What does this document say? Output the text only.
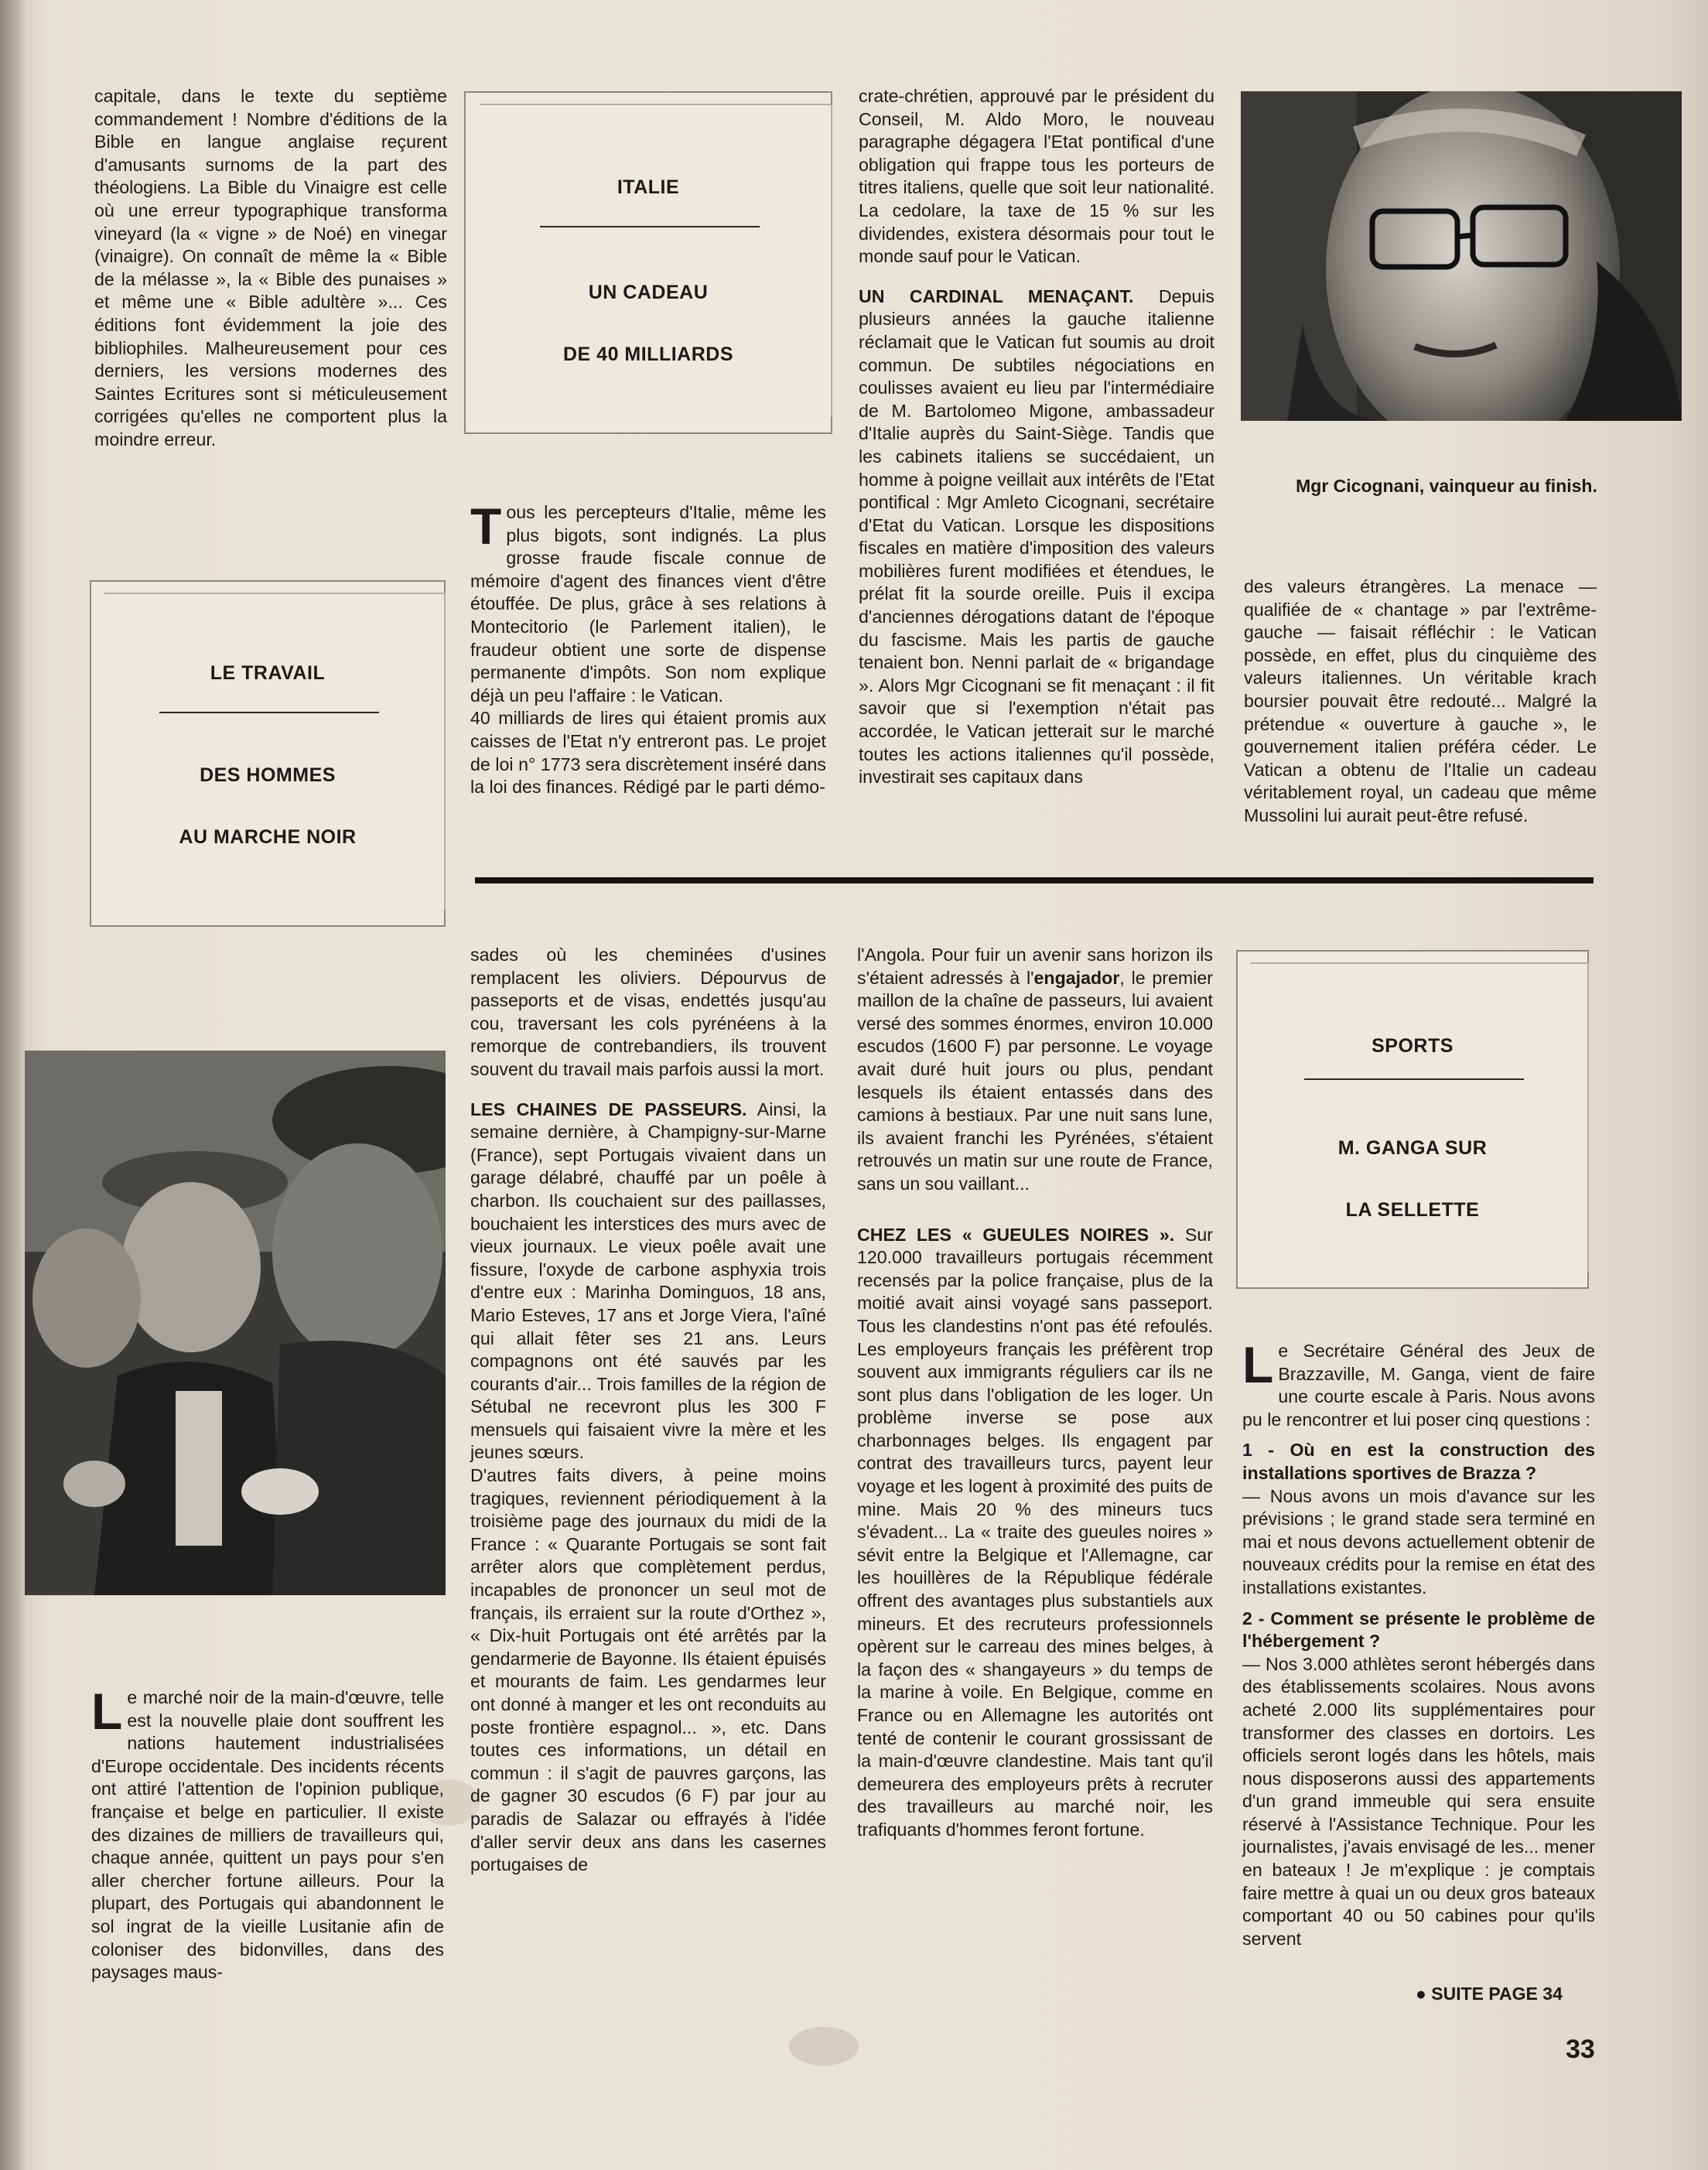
capitale, dans le texte du septième commandement ! Nombre d'éditions de la Bible en langue anglaise reçurent d'amusants surnoms de la part des théologiens. La Bible du Vinaigre est celle où une erreur typographique transforma vineyard (la « vigne » de Noé) en vinegar (vinaigre). On connaît de même la « Bible de la mélasse », la « Bible des punaises » et même une « Bible adultère »... Ces éditions font évidemment la joie des bibliophiles. Malheureusement pour ces derniers, les versions modernes des Saintes Ecritures sont si méticuleusement corrigées qu'elles ne comportent plus la moindre erreur.

ITALIE
UN CADEAU
DE 40 MILLIARDS
LE TRAVAIL
DES HOMMES
AU MARCHE NOIR
T ous les percepteurs d'Italie, même les plus bigots, sont indignés. La plus grosse fraude fiscale connue de mémoire d'agent des finances vient d'être étouffée. De plus, grâce à ses relations à Montecitorio (le Parlement italien), le fraudeur obtient une sorte de dispense permanente d'impôts. Son nom explique déjà un peu l'affaire : le Vatican.

40 milliards de lires qui étaient promis aux caisses de l'Etat n'y entreront pas. Le projet de loi n° 1773 sera discrètement inséré dans la loi des finances. Rédigé par le parti démo-

crate-chrétien, approuvé par le président du Conseil, M. Aldo Moro, le nouveau paragraphe dégagera l'Etat pontifical d'une obligation qui frappe tous les porteurs de titres italiens, quelle que soit leur nationalité. La cedolare, la taxe de 15 % sur les dividendes, existera désormais pour tout le monde sauf pour le Vatican.

UN CARDINAL MENAÇANT. Depuis plusieurs années la gauche italienne réclamait que le Vatican fut soumis au droit commun. De subtiles négociations en coulisses avaient eu lieu par l'intermédiaire de M. Bartolomeo Migone, ambassadeur d'Italie auprès du Saint-Siège. Tandis que les cabinets italiens se succédaient, un homme à poigne veillait aux intérêts de l'Etat pontifical : Mgr Amleto Cicognani, secrétaire d'Etat du Vatican. Lorsque les dispositions fiscales en matière d'imposition des valeurs mobilières furent modifiées et étendues, le prélat fit la sourde oreille. Puis il excipa d'anciennes dérogations datant de l'époque du fascisme. Mais les partis de gauche tenaient bon. Nenni parlait de « brigandage ». Alors Mgr Cicognani se fit menaçant : il fit savoir que si l'exemption n'était pas accordée, le Vatican jetterait sur le marché toutes les actions italiennes qu'il possède, investirait ses capitaux dans

Mgr Cicognani, vainqueur au finish.

des valeurs étrangères. La menace — qualifiée de « chantage » par l'extrême-gauche — faisait réfléchir : le Vatican possède, en effet, plus du cinquième des valeurs italiennes. Un véritable krach boursier pouvait être redouté... Malgré la prétendue « ouverture à gauche », le gouvernement italien préféra céder. Le Vatican a obtenu de l'Italie un cadeau véritablement royal, un cadeau que même Mussolini lui aurait peut-être refusé.

L e marché noir de la main-d'œuvre, telle est la nouvelle plaie dont souffrent les nations hautement industrialisées d'Europe occidentale. Des incidents récents ont attiré l'attention de l'opinion publique, française et belge en particulier. Il existe des dizaines de milliers de travailleurs qui, chaque année, quittent un pays pour s'en aller chercher fortune ailleurs. Pour la plupart, des Portugais qui abandonnent le sol ingrat de la vieille Lusitanie afin de coloniser des bidonvilles, dans des paysages maus-

sades où les cheminées d'usines remplacent les oliviers. Dépourvus de passeports et de visas, endettés jusqu'au cou, traversant les cols pyrénéens à la remorque de contrebandiers, ils trouvent souvent du travail mais parfois aussi la mort.

LES CHAINES DE PASSEURS. Ainsi, la semaine dernière, à Champigny-sur-Marne (France), sept Portugais vivaient dans un garage délabré, chauffé par un poêle à charbon. Ils couchaient sur des paillasses, bouchaient les interstices des murs avec de vieux journaux. Le vieux poêle avait une fissure, l'oxyde de carbone asphyxia trois d'entre eux : Marinha Dominguos, 18 ans, Mario Esteves, 17 ans et Jorge Viera, l'aîné qui allait fêter ses 21 ans. Leurs compagnons ont été sauvés par les courants d'air... Trois familles de la région de Sétubal ne recevront plus les 300 F mensuels qui faisaient vivre la mère et les jeunes sœurs.

D'autres faits divers, à peine moins tragiques, reviennent périodiquement à la troisième page des journaux du midi de la France : « Quarante Portugais se sont fait arrêter alors que complètement perdus, incapables de prononcer un seul mot de français, ils erraient sur la route d'Orthez », « Dix-huit Portugais ont été arrêtés par la gendarmerie de Bayonne. Ils étaient épuisés et mourants de faim. Les gendarmes leur ont donné à manger et les ont reconduits au poste frontière espagnol... », etc. Dans toutes ces informations, un détail en commun : il s'agit de pauvres garçons, las de gagner 30 escudos (6 F) par jour au paradis de Salazar ou effrayés à l'idée d'aller servir deux ans dans les casernes portugaises de

l'Angola. Pour fuir un avenir sans horizon ils s'étaient adressés à l'engajador, le premier maillon de la chaîne de passeurs, lui avaient versé des sommes énormes, environ 10.000 escudos (1600 F) par personne. Le voyage avait duré huit jours ou plus, pendant lesquels ils étaient entassés dans des camions à bestiaux. Par une nuit sans lune, ils avaient franchi les Pyrénées, s'étaient retrouvés un matin sur une route de France, sans un sou vaillant...

CHEZ LES « GUEULES NOIRES ». Sur 120.000 travailleurs portugais récemment recensés par la police française, plus de la moitié avait ainsi voyagé sans passeport. Tous les clandestins n'ont pas été refoulés. Les employeurs français les préfèrent trop souvent aux immigrants réguliers car ils ne sont plus dans l'obligation de les loger. Un problème inverse se pose aux charbonnages belges. Ils engagent par contrat des travailleurs turcs, payent leur voyage et les logent à proximité des puits de mine. Mais 20 % des mineurs tucs s'évadent... La « traite des gueules noires » sévit entre la Belgique et l'Allemagne, car les houillères de la République fédérale offrent des avantages plus substantiels aux mineurs. Et des recruteurs professionnels opèrent sur le carreau des mines belges, à la façon des « shangayeurs » du temps de la marine à voile. En Belgique, comme en France ou en Allemagne les autorités ont tenté de contenir le courant grossissant de la main-d'œuvre clandestine. Mais tant qu'il demeurera des employeurs prêts à recruter des travailleurs au marché noir, les trafiquants d'hommes feront fortune.

SPORTS
M. GANGA SUR
LA SELLETTE
L e Secrétaire Général des Jeux de Brazzaville, M. Ganga, vient de faire une courte escale à Paris. Nous avons pu le rencontrer et lui poser cinq questions :

1 - Où en est la construction des installations sportives de Brazza ?

— Nous avons un mois d'avance sur les prévisions ; le grand stade sera terminé en mai et nous devons actuellement obtenir de nouveaux crédits pour la remise en état des installations existantes.

2 - Comment se présente le problème de l'hébergement ?

— Nos 3.000 athlètes seront hébergés dans des établissements scolaires. Nous avons acheté 2.000 lits supplémentaires pour transformer des classes en dortoirs. Les officiels seront logés dans les hôtels, mais nous disposerons aussi des appartements d'un grand immeuble qui sera ensuite réservé à l'Assistance Technique. Pour les journalistes, j'avais envisagé de les... mener en bateaux ! Je m'explique : je comptais faire mettre à quai un ou deux gros bateaux comportant 40 ou 50 cabines pour qu'ils servent

● SUITE PAGE 34
33
